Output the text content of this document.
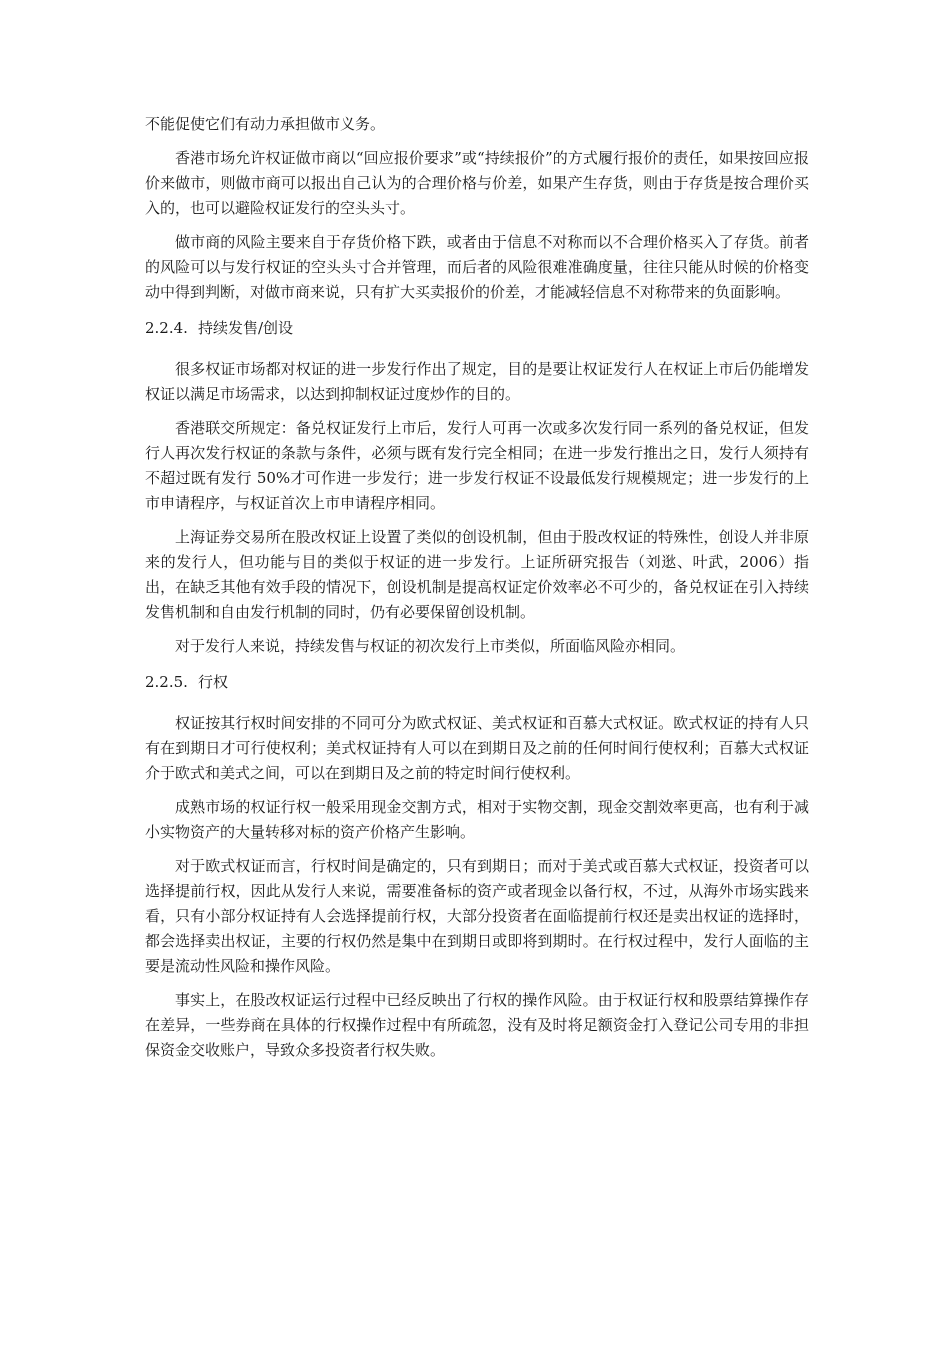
不能促使它们有动力承担做市义务。

香港市场允许权证做市商以“回应报价要求”或“持续报价”的方式履行报价的责任，如果按回应报价来做市，则做市商可以报出自己认为的合理价格与价差，如果产生存货，则由于存货是按合理价买入的，也可以避险权证发行的空头头寸。

做市商的风险主要来自于存货价格下跌，或者由于信息不对称而以不合理价格买入了存货。前者的风险可以与发行权证的空头头寸合并管理，而后者的风险很难准确度量，往往只能从时候的价格变动中得到判断，对做市商来说，只有扩大买卖报价的价差，才能减轻信息不对称带来的负面影响。

2.2.4. 持续发售/创设

很多权证市场都对权证的进一步发行作出了规定，目的是要让权证发行人在权证上市后仍能增发权证以满足市场需求，以达到抑制权证过度炒作的目的。

香港联交所规定：备兑权证发行上市后，发行人可再一次或多次发行同一系列的备兑权证，但发行人再次发行权证的条款与条件，必须与既有发行完全相同；在进一步发行推出之日，发行人须持有不超过既有发行 50%才可作进一步发行；进一步发行权证不设最低发行规模规定；进一步发行的上市申请程序，与权证首次上市申请程序相同。

上海证券交易所在股改权证上设置了类似的创设机制，但由于股改权证的特殊性，创设人并非原来的发行人，但功能与目的类似于权证的进一步发行。上证所研究报告（刘逖、叶武，2006）指出，在缺乏其他有效手段的情况下，创设机制是提高权证定价效率必不可少的，备兑权证在引入持续发售机制和自由发行机制的同时，仍有必要保留创设机制。

对于发行人来说，持续发售与权证的初次发行上市类似，所面临风险亦相同。

2.2.5. 行权

权证按其行权时间安排的不同可分为欧式权证、美式权证和百慕大式权证。欧式权证的持有人只有在到期日才可行使权利；美式权证持有人可以在到期日及之前的任何时间行使权利；百慕大式权证介于欧式和美式之间，可以在到期日及之前的特定时间行使权利。

成熟市场的权证行权一般采用现金交割方式，相对于实物交割，现金交割效率更高，也有利于减小实物资产的大量转移对标的资产价格产生影响。

对于欧式权证而言，行权时间是确定的，只有到期日；而对于美式或百慕大式权证，投资者可以选择提前行权，因此从发行人来说，需要准备标的资产或者现金以备行权，不过，从海外市场实践来看，只有小部分权证持有人会选择提前行权，大部分投资者在面临提前行权还是卖出权证的选择时，都会选择卖出权证，主要的行权仍然是集中在到期日或即将到期时。在行权过程中，发行人面临的主要是流动性风险和操作风险。

事实上，在股改权证运行过程中已经反映出了行权的操作风险。由于权证行权和股票结算操作存在差异，一些券商在具体的行权操作过程中有所疏忽，没有及时将足额资金打入登记公司专用的非担保资金交收账户，导致众多投资者行权失败。
